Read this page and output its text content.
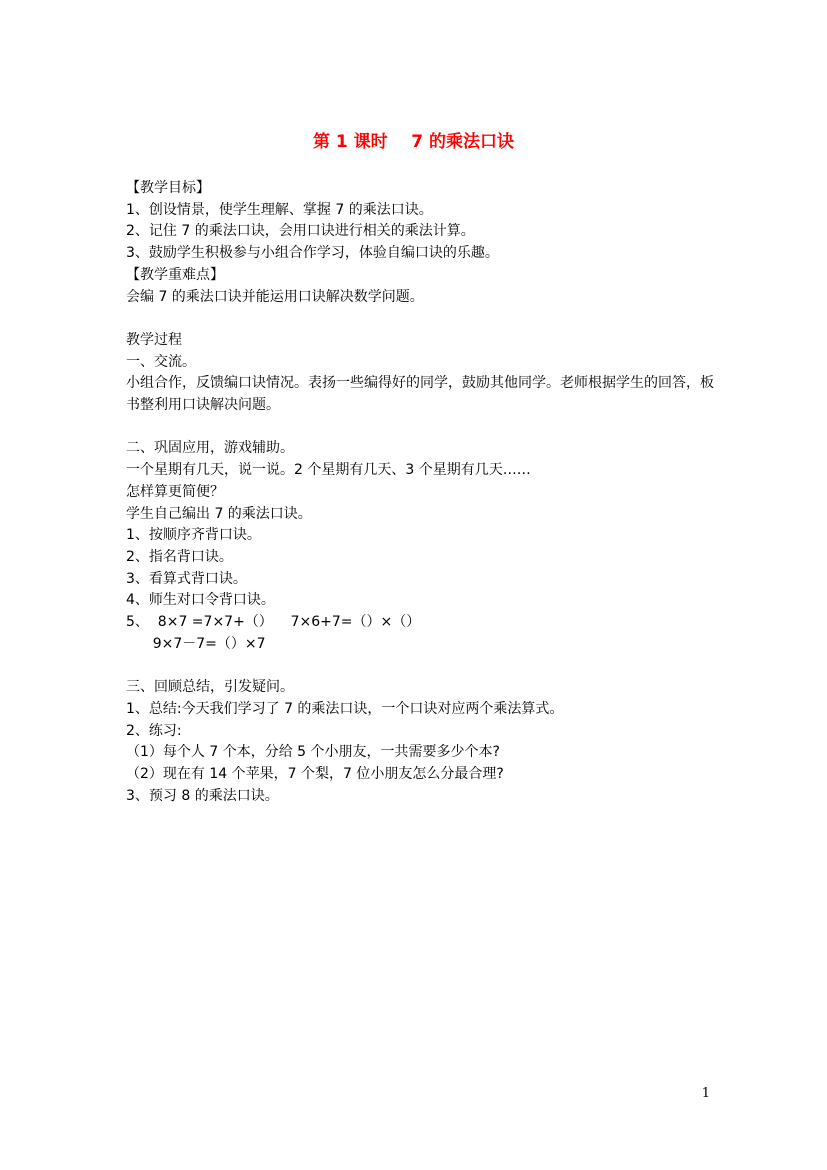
第 1 课时    7 的乘法口诀
【教学目标】
1、创设情景，使学生理解、掌握 7 的乘法口诀。
2、记住 7 的乘法口诀，会用口诀进行相关的乘法计算。
3、鼓励学生积极参与小组合作学习，体验自编口诀的乐趣。
【教学重难点】
会编 7 的乘法口诀并能运用口诀解决数学问题。
教学过程
一、交流。
小组合作，反馈编口诀情况。表扬一些编得好的同学，鼓励其他同学。老师根据学生的回答，板书整利用口诀解决问题。
二、巩固应用，游戏辅助。
一个星期有几天，说一说。2 个星期有几天、3 个星期有几天……
怎样算更简便？
学生自己编出 7 的乘法口诀。
1、按顺序齐背口诀。
2、指名背口诀。
3、看算式背口诀。
4、师生对口令背口诀。
5、  8×7 =7×7+（）    7×6+7=（）×（）
9×7－7=（）×7
三、回顾总结，引发疑问。
1、总结:今天我们学习了 7 的乘法口诀，一个口诀对应两个乘法算式。
2、练习:
（1）每个人 7 个本，分给 5 个小朋友，一共需要多少个本?
（2）现在有 14 个苹果，7 个梨，7 位小朋友怎么分最合理?
3、预习 8 的乘法口诀。
1
